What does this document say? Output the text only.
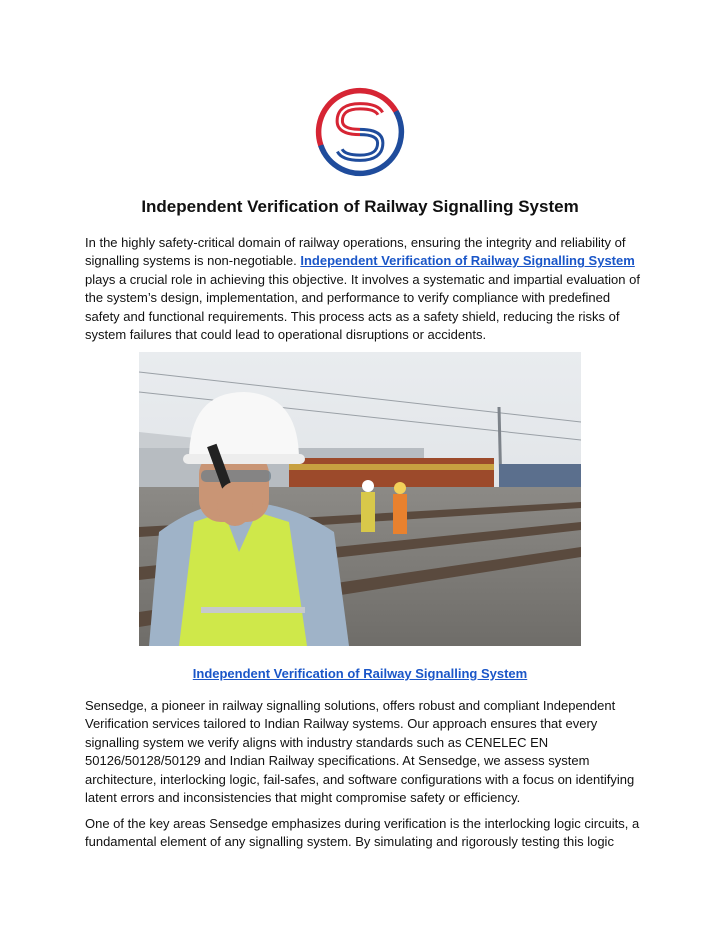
Independent Verification of Railway Signalling System

In the highly safety-critical domain of railway operations, ensuring the integrity and reliability of signalling systems is non-negotiable. Independent Verification of Railway Signalling System plays a crucial role in achieving this objective. It involves a systematic and impartial evaluation of the system’s design, implementation, and performance to verify compliance with predefined safety and functional requirements. This process acts as a safety shield, reducing the risks of system failures that could lead to operational disruptions or accidents.

Independent Verification of Railway Signalling System

Sensedge, a pioneer in railway signalling solutions, offers robust and compliant Independent Verification services tailored to Indian Railway systems. Our approach ensures that every signalling system we verify aligns with industry standards such as CENELEC EN 50126/50128/50129 and Indian Railway specifications. At Sensedge, we assess system architecture, interlocking logic, fail-safes, and software configurations with a focus on identifying latent errors and inconsistencies that might compromise safety or efficiency.

One of the key areas Sensedge emphasizes during verification is the interlocking logic circuits, a fundamental element of any signalling system. By simulating and rigorously testing this logic
